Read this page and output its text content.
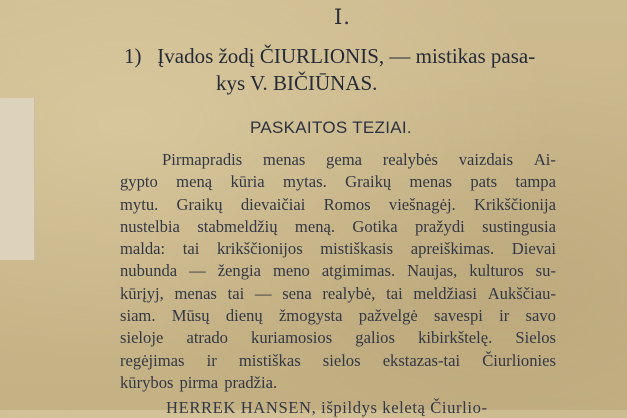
I.
1) Įvados žodį ČIURLIONIS, — mistikas pasa-
kys V. BIČIŪNAS.
PASKAITOS TEZIAI.
Pirmapradis menas gema realybės vaizdais Ai-
gypto meną kūria mytas. Graikų menas pats tampa
mytu. Graikų dievaičiai Romos viešnagėj. Krikščionija
nustelbia stabmeldžių meną. Gotika pražydi sustingusia
malda: tai krikščionijos mistiškasis apreiškimas. Dievai
nubunda — žengia meno atgimimas. Naujas, kulturos su-
kūrįyj, menas tai — sena realybė, tai meldžiasi Aukščiau-
siam. Mūsų dienų žmogysta pažvelgė savespi ir savo
sieloje atrado kuriamosios galios kibirkštelę. Sielos
regėjimas ir mistiškas sielos ekstazas-tai Čiurlionies
kūrybos pirma pradžia.
HERREK HANSEN, išpildys keletą Čiurlio-
